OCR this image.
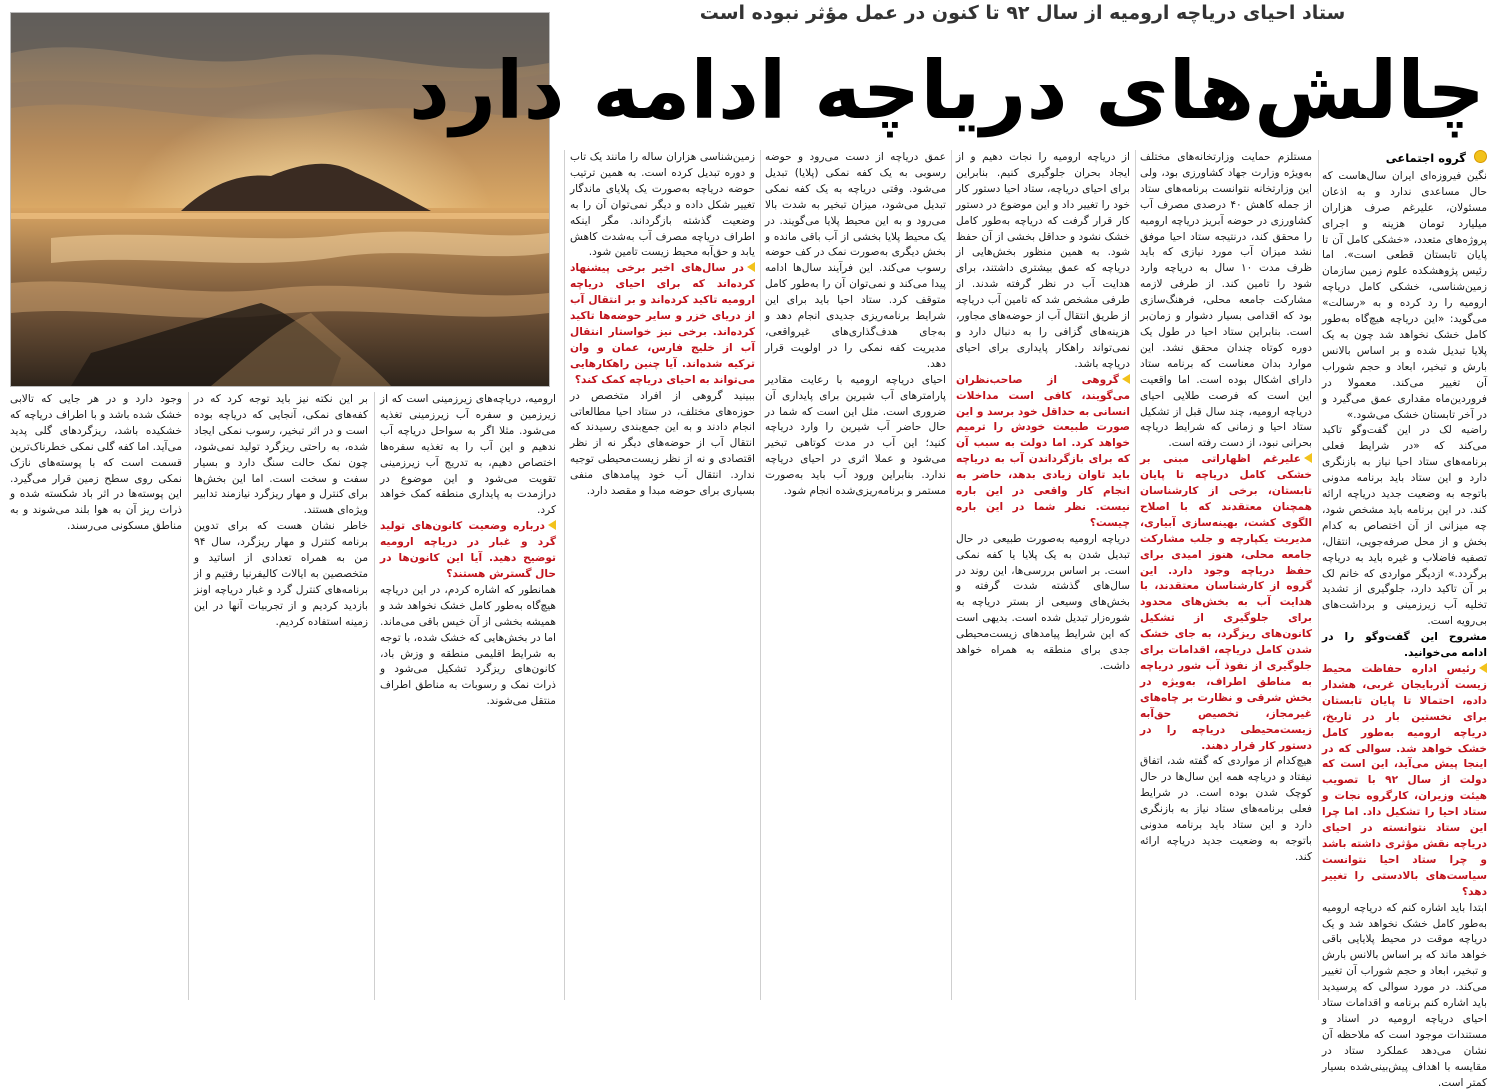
ستاد احیای دریاچه ارومیه از سال ۹۲ تا کنون در عمل مؤثر نبوده است
چالش‌های دریاچه ادامه دارد
گروه اجتماعی

نگین فیروزه‌ای ایران سال‌هاست که حال مساعدی ندارد و به اذعان مسئولان، علیرغم صرف هزاران میلیارد تومان هزینه و اجرای پروژه‌های متعدد، «خشکی کامل آن تا پایان تابستان قطعی است». اما رئیس پژوهشکده علوم زمین سازمان زمین‌شناسی، خشکی کامل دریاچه ارومیه را رد کرده و به «رسالت» می‌گوید: «این دریاچه هیچ‌گاه به‌طور کامل خشک نخواهد شد چون به یک پلایا تبدیل شده و بر اساس بالانس بارش و تبخیر، ابعاد و حجم شوراب آن تغییر می‌کند. معمولا در فروردین‌ماه مقداری عمق می‌گیرد و در آخر تابستان خشک می‌شود.»

راضیه لک در این گفت‌وگو تاکید می‌کند که «در شرایط فعلی برنامه‌های ستاد احیا نیاز به بازنگری دارد و این ستاد باید برنامه مدونی باتوجه به وضعیت جدید دریاچه ارائه کند. در این برنامه باید مشخص شود، چه میزانی از آن اختصاص به کدام بخش و از محل صرفه‌جویی، انتقال، تصفیه فاضلاب و غیره باید به دریاچه برگردد.» ازدیگر مواردی که خانم لک بر آن تاکید دارد، جلوگیری از تشدید تخلیه آب زیرزمینی و برداشت‌های بی‌رویه است.

مشروح این گفت‌وگو را در ادامه می‌خوانید.

رئیس اداره حفاظت محیط زیست آذربایجان غربی، هشدار داده، احتمالا تا پایان تابستان برای نخستین بار در تاریخ، دریاچه ارومیه به‌طور کامل خشک خواهد شد. سوالی که در اینجا پیش می‌آید، این است که دولت از سال ۹۲ با تصویب هیئت وزیران، کارگروه نجات و ستاد احیا را تشکیل داد. اما چرا این ستاد نتوانسته در احیای دریاچه نقش مؤثری داشته باشد و چرا ستاد احیا نتوانست سیاست‌های بالادستی را تغییر دهد؟

ابتدا باید اشاره کنم که دریاچه ارومیه به‌طور کامل خشک نخواهد شد و یک دریاچه موقت در محیط پلایایی باقی خواهد ماند که بر اساس بالانس بارش و تبخیر، ابعاد و حجم شوراب آن تغییر می‌کند. در مورد سوالی که پرسیدید باید اشاره کنم برنامه و اقدامات ستاد احیای دریاچه ارومیه در اسناد و مستندات موجود است که ملاحظه آن نشان می‌دهد عملکرد ستاد در مقایسه با اهداف پیش‌بینی‌شده بسیار کمتر است.

مستلزم حمایت وزارتخانه‌های مختلف به‌ویژه وزارت جهاد کشاورزی بود، ولی این وزارتخانه نتوانست برنامه‌های ستاد از جمله کاهش ۴۰ درصدی مصرف آب کشاورزی در حوضه آبریز دریاچه ارومیه را محقق کند، درنتیجه ستاد احیا موفق نشد میزان آب مورد نیازی که باید ظرف مدت ۱۰ سال به دریاچه وارد شود را تامین کند. از طرفی لازمه مشارکت جامعه محلی، فرهنگ‌سازی بود که اقدامی بسیار دشوار و زمان‌بر است. بنابراین ستاد احیا در طول یک دوره کوتاه چندان محقق نشد. این موارد بدان معناست که برنامه ستاد دارای اشکال بوده است. اما واقعیت این است که فرصت طلایی احیای دریاچه ارومیه، چند سال قبل از تشکیل ستاد احیا و زمانی که شرایط دریاچه بحرانی نبود، از دست رفته است.

علیرغم اظهاراتی مبنی بر خشکی کامل دریاچه تا پایان تابستان، برخی از کارشناسان همچنان معتقدند که با اصلاح الگوی کشت، بهینه‌سازی آبیاری، مدیریت یکپارچه و جلب مشارکت جامعه محلی، هنوز امیدی برای حفظ دریاچه وجود دارد. این گروه از کارشناسان معتقدند، با هدایت آب به بخش‌های محدود برای جلوگیری از تشکیل کانون‌های ریزگرد، به جای خشک شدن کامل دریاچه، اقدامات برای جلوگیری از نفوذ آب شور دریاچه به مناطق اطراف، به‌ویژه در بخش شرقی و نظارت بر چاه‌های غیرمجاز، تخصیص حق‌آبه زیست‌محیطی دریاچه را در دستور کار قرار دهند.

هیچ‌کدام از مواردی که گفته شد، اتفاق نیفتاد و دریاچه همه این سال‌ها در حال کوچک شدن بوده است. در شرایط فعلی برنامه‌های ستاد نیاز به بازنگری دارد و این ستاد باید برنامه مدونی باتوجه به وضعیت جدید دریاچه ارائه کند.

از دریاچه ارومیه را نجات دهیم و از ایجاد بحران جلوگیری کنیم. بنابراین برای احیای دریاچه، ستاد احیا دستور کار خود را تغییر داد و این موضوع در دستور کار قرار گرفت که دریاچه به‌طور کامل خشک نشود و حداقل بخشی از آن حفظ شود. به همین منظور بخش‌هایی از دریاچه که عمق بیشتری داشتند، برای هدایت آب در نظر گرفته شدند. از طرفی مشخص شد که تامین آب دریاچه از طریق انتقال آب از حوضه‌های مجاور، هزینه‌های گزافی را به دنبال دارد و نمی‌تواند راهکار پایداری برای احیای دریاچه باشد.

گروهی از صاحب‌نظران می‌گویند، کافی است مداخلات انسانی به حداقل خود برسد و این صورت طبیعت خودش را ترمیم خواهد کرد. اما دولت به سبب آن که برای بازگرداندن آب به دریاچه باید تاوان زیادی بدهد، حاضر به انجام کار واقعی در این باره نیست. نظر شما در این باره چیست؟

دریاچه ارومیه به‌صورت طبیعی در حال تبدیل شدن به یک پلایا یا کفه نمکی است. بر اساس بررسی‌ها، این روند در سال‌های گذشته شدت گرفته و بخش‌های وسیعی از بستر دریاچه به شوره‌زار تبدیل شده است. بدیهی است که این شرایط پیامدهای زیست‌محیطی جدی برای منطقه به همراه خواهد داشت.

عمق دریاچه از دست می‌رود و حوضه رسوبی به یک کفه نمکی (پلایا) تبدیل می‌شود. وقتی دریاچه به یک کفه نمکی تبدیل می‌شود، میزان تبخیر به شدت بالا می‌رود و به این محیط پلایا می‌گویند. در یک محیط پلایا بخشی از آب باقی مانده و بخش دیگری به‌صورت نمک در کف حوضه رسوب می‌کند. این فرآیند سال‌ها ادامه پیدا می‌کند و نمی‌توان آن را به‌طور کامل متوقف کرد. ستاد احیا باید برای این شرایط برنامه‌ریزی جدیدی انجام دهد و به‌جای هدف‌گذاری‌های غیرواقعی، مدیریت کفه نمکی را در اولویت قرار دهد.

احیای دریاچه ارومیه با رعایت مقادیر پارامترهای آب شیرین برای پایداری آن ضروری است. مثل این است که شما در حال حاضر آب شیرین را وارد دریاچه کنید؛ این آب در مدت کوتاهی تبخیر می‌شود و عملا اثری در احیای دریاچه ندارد. بنابراین ورود آب باید به‌صورت مستمر و برنامه‌ریزی‌شده انجام شود.

زمین‌شناسی هزاران ساله را مانند یک تاب و دوره تبدیل کرده است. به همین ترتیب حوضه دریاچه به‌صورت یک پلایای ماندگار تغییر شکل داده و دیگر نمی‌توان آن را به وضعیت گذشته بازگرداند. مگر اینکه اطراف دریاچه مصرف آب به‌شدت کاهش یابد و حق‌آبه محیط زیست تامین شود.

در سال‌های اخیر برخی پیشنهاد کرده‌اند که برای احیای دریاچه ارومیه تاکید کرده‌اند و بر انتقال آب از دریای خزر و سایر حوضه‌ها تاکید کرده‌اند. برخی نیز خواستار انتقال آب از خلیج فارس، عمان و وان ترکیه شده‌اند. آیا چنین راهکارهایی می‌تواند به احیای دریاچه کمک کند؟

ببینید گروهی از افراد متخصص در حوزه‌های مختلف، در ستاد احیا مطالعاتی انجام دادند و به این جمع‌بندی رسیدند که انتقال آب از حوضه‌های دیگر نه از نظر اقتصادی و نه از نظر زیست‌محیطی توجیه ندارد. انتقال آب خود پیامدهای منفی بسیاری برای حوضه مبدا و مقصد دارد.

ارومیه، دریاچه‌های زیرزمینی است که از زیرزمین و سفره آب زیرزمینی تغذیه می‌شود. مثلا اگر به سواحل دریاچه آب ندهیم و این آب را به تغذیه سفره‌ها اختصاص دهیم، به تدریج آب زیرزمینی تقویت می‌شود و این موضوع در درازمدت به پایداری منطقه کمک خواهد کرد.

درباره وضعیت کانون‌های تولید گرد و غبار در دریاچه ارومیه توضیح دهید. آیا این کانون‌ها در حال گسترش هستند؟

همانطور که اشاره کردم، در این دریاچه هیچ‌گاه به‌طور کامل خشک نخواهد شد و همیشه بخشی از آن خیس باقی می‌ماند. اما در بخش‌هایی که خشک شده، با توجه به شرایط اقلیمی منطقه و وزش باد، کانون‌های ریزگرد تشکیل می‌شود و ذرات نمک و رسوبات به مناطق اطراف منتقل می‌شوند.

بر این نکته نیز باید توجه کرد که در کفه‌های نمکی، آنجایی که دریاچه بوده است و در اثر تبخیر، رسوب نمکی ایجاد شده، به راحتی ریزگرد تولید نمی‌شود، چون نمک حالت سنگ دارد و بسیار سفت و سخت است. اما این بخش‌ها برای کنترل و مهار ریزگرد نیازمند تدابیر ویژه‌ای هستند.

خاطر نشان هست که برای تدوین برنامه کنترل و مهار ریزگرد، سال ۹۴ من به همراه تعدادی از اساتید و متخصصین به ایالات کالیفرنیا رفتیم و از برنامه‌های کنترل گرد و غبار دریاچه اونز بازدید کردیم و از تجربیات آنها در این زمینه استفاده کردیم.

وجود دارد و در هر جایی که تالابی خشک شده باشد و با اطراف دریاچه که خشکیده باشد، ریزگردهای گلی پدید می‌آید. اما کفه گلی نمکی خطرناک‌ترین قسمت است که با پوسته‌های نازک نمکی روی سطح زمین قرار می‌گیرد. این پوسته‌ها در اثر باد شکسته شده و ذرات ریز آن به هوا بلند می‌شوند و به مناطق مسکونی می‌رسند.
